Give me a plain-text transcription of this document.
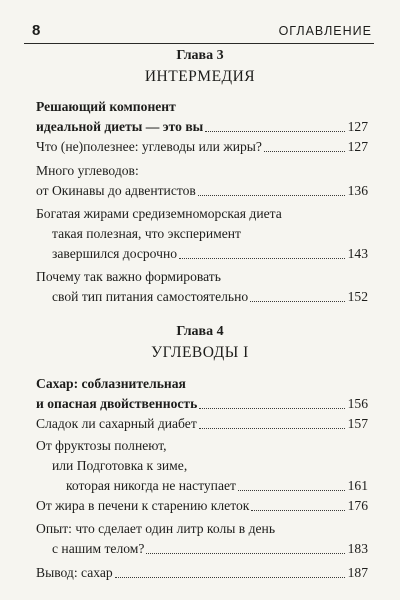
8	ОГЛАВЛЕНИЕ
Глава 3
ИНТЕРМЕДИЯ
Решающий компонент
идеальной диеты — это вы	127
Что (не)полезнее: углеводы или жиры?	127
Много углеводов:
от Окинавы до адвентистов	136
Богатая жирами средиземноморская диета
такая полезная, что эксперимент
завершился досрочно	143
Почему так важно формировать
свой тип питания самостоятельно	152
Глава 4
УГЛЕВОДЫ I
Сахар: соблазнительная
и опасная двойственность	156
Сладок ли сахарный диабет	157
От фруктозы полнеют,
или Подготовка к зиме,
которая никогда не наступает	161
От жира в печени к старению клеток	176
Опыт: что сделает один литр колы в день
с нашим телом?	183
Вывод: сахар	187
